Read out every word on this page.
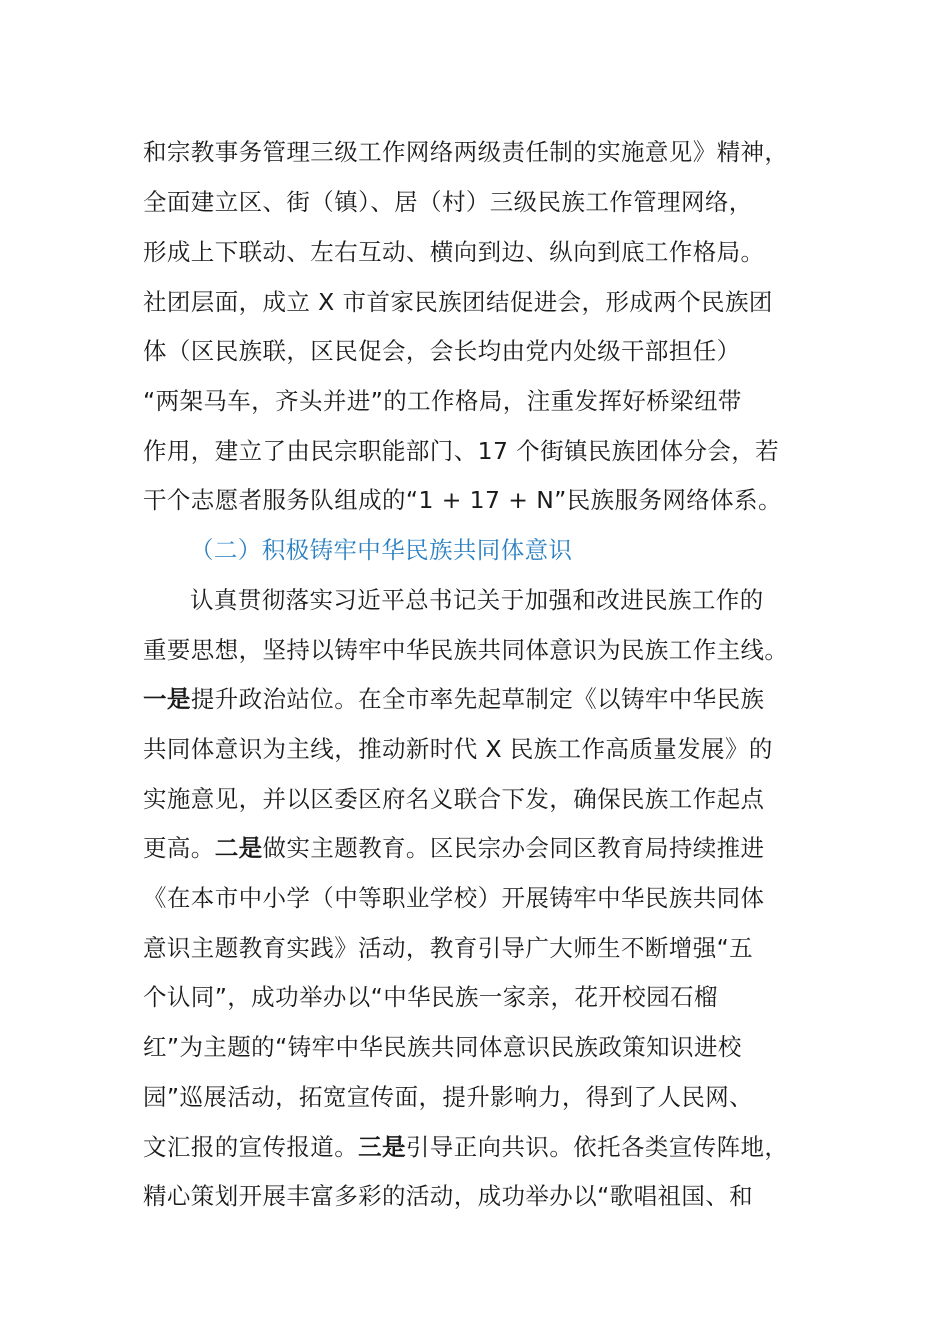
和宗教事务管理三级工作网络两级责任制的实施意见》精神，
全面建立区、街（镇）、居（村）三级民族工作管理网络，
形成上下联动、左右互动、横向到边、纵向到底工作格局。
社团层面，成立 X 市首家民族团结促进会，形成两个民族团
体（区民族联，区民促会，会长均由党内处级干部担任）
“两架马车，齐头并进”的工作格局，注重发挥好桥梁纽带
作用，建立了由民宗职能部门、17 个街镇民族团体分会，若
干个志愿者服务队组成的“1 + 17 + N”民族服务网络体系。
（二）积极铸牢中华民族共同体意识
认真贯彻落实习近平总书记关于加强和改进民族工作的
重要思想，坚持以铸牢中华民族共同体意识为民族工作主线。
一是提升政治站位。在全市率先起草制定《以铸牢中华民族
共同体意识为主线，推动新时代 X 民族工作高质量发展》的
实施意见，并以区委区府名义联合下发，确保民族工作起点
更高。二是做实主题教育。区民宗办会同区教育局持续推进
《在本市中小学（中等职业学校）开展铸牢中华民族共同体
意识主题教育实践》活动，教育引导广大师生不断增强“五
个认同”，成功举办以“中华民族一家亲，花开校园石榴
红”为主题的“铸牢中华民族共同体意识民族政策知识进校
园”巡展活动，拓宽宣传面，提升影响力，得到了人民网、
文汇报的宣传报道。三是引导正向共识。依托各类宣传阵地，
精心策划开展丰富多彩的活动，成功举办以“歌唱祖国、和
